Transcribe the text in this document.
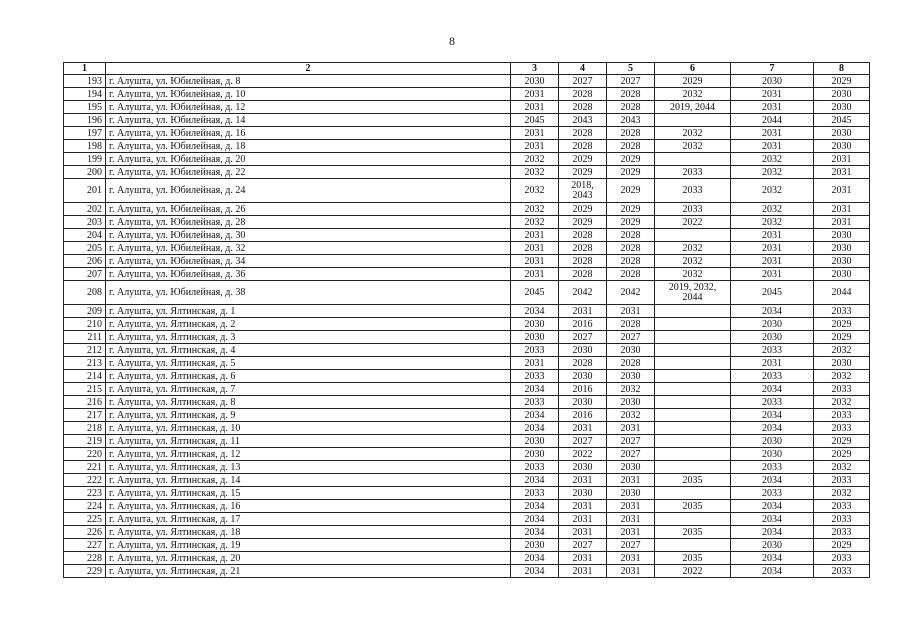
8
1	2	3	4	5	6	7	8
193	г. Алушта, ул. Юбилейная, д. 8	2030	2027	2027	2029	2030	2029
194	г. Алушта, ул. Юбилейная, д. 10	2031	2028	2028	2032	2031	2030
195	г. Алушта, ул. Юбилейная, д. 12	2031	2028	2028	2019, 2044	2031	2030
196	г. Алушта, ул. Юбилейная, д. 14	2045	2043	2043		2044	2045
197	г. Алушта, ул. Юбилейная, д. 16	2031	2028	2028	2032	2031	2030
198	г. Алушта, ул. Юбилейная, д. 18	2031	2028	2028	2032	2031	2030
199	г. Алушта, ул. Юбилейная, д. 20	2032	2029	2029		2032	2031
200	г. Алушта, ул. Юбилейная, д. 22	2032	2029	2029	2033	2032	2031
201	г. Алушта, ул. Юбилейная, д. 24	2032	2018, 2043	2029	2033	2032	2031
202	г. Алушта, ул. Юбилейная, д. 26	2032	2029	2029	2033	2032	2031
203	г. Алушта, ул. Юбилейная, д. 28	2032	2029	2029	2022	2032	2031
204	г. Алушта, ул. Юбилейная, д. 30	2031	2028	2028		2031	2030
205	г. Алушта, ул. Юбилейная, д. 32	2031	2028	2028	2032	2031	2030
206	г. Алушта, ул. Юбилейная, д. 34	2031	2028	2028	2032	2031	2030
207	г. Алушта, ул. Юбилейная, д. 36	2031	2028	2028	2032	2031	2030
208	г. Алушта, ул. Юбилейная, д. 38	2045	2042	2042	2019, 2032, 2044	2045	2044
209	г. Алушта, ул. Ялтинская, д. 1	2034	2031	2031		2034	2033
210	г. Алушта, ул. Ялтинская, д. 2	2030	2016	2028		2030	2029
211	г. Алушта, ул. Ялтинская, д. 3	2030	2027	2027		2030	2029
212	г. Алушта, ул. Ялтинская, д. 4	2033	2030	2030		2033	2032
213	г. Алушта, ул. Ялтинская, д. 5	2031	2028	2028		2031	2030
214	г. Алушта, ул. Ялтинская, д. 6	2033	2030	2030		2033	2032
215	г. Алушта, ул. Ялтинская, д. 7	2034	2016	2032		2034	2033
216	г. Алушта, ул. Ялтинская, д. 8	2033	2030	2030		2033	2032
217	г. Алушта, ул. Ялтинская, д. 9	2034	2016	2032		2034	2033
218	г. Алушта, ул. Ялтинская, д. 10	2034	2031	2031		2034	2033
219	г. Алушта, ул. Ялтинская, д. 11	2030	2027	2027		2030	2029
220	г. Алушта, ул. Ялтинская, д. 12	2030	2022	2027		2030	2029
221	г. Алушта, ул. Ялтинская, д. 13	2033	2030	2030		2033	2032
222	г. Алушта, ул. Ялтинская, д. 14	2034	2031	2031	2035	2034	2033
223	г. Алушта, ул. Ялтинская, д. 15	2033	2030	2030		2033	2032
224	г. Алушта, ул. Ялтинская, д. 16	2034	2031	2031	2035	2034	2033
225	г. Алушта, ул. Ялтинская, д. 17	2034	2031	2031		2034	2033
226	г. Алушта, ул. Ялтинская, д. 18	2034	2031	2031	2035	2034	2033
227	г. Алушта, ул. Ялтинская, д. 19	2030	2027	2027		2030	2029
228	г. Алушта, ул. Ялтинская, д. 20	2034	2031	2031	2035	2034	2033
229	г. Алушта, ул. Ялтинская, д. 21	2034	2031	2031	2022	2034	2033
